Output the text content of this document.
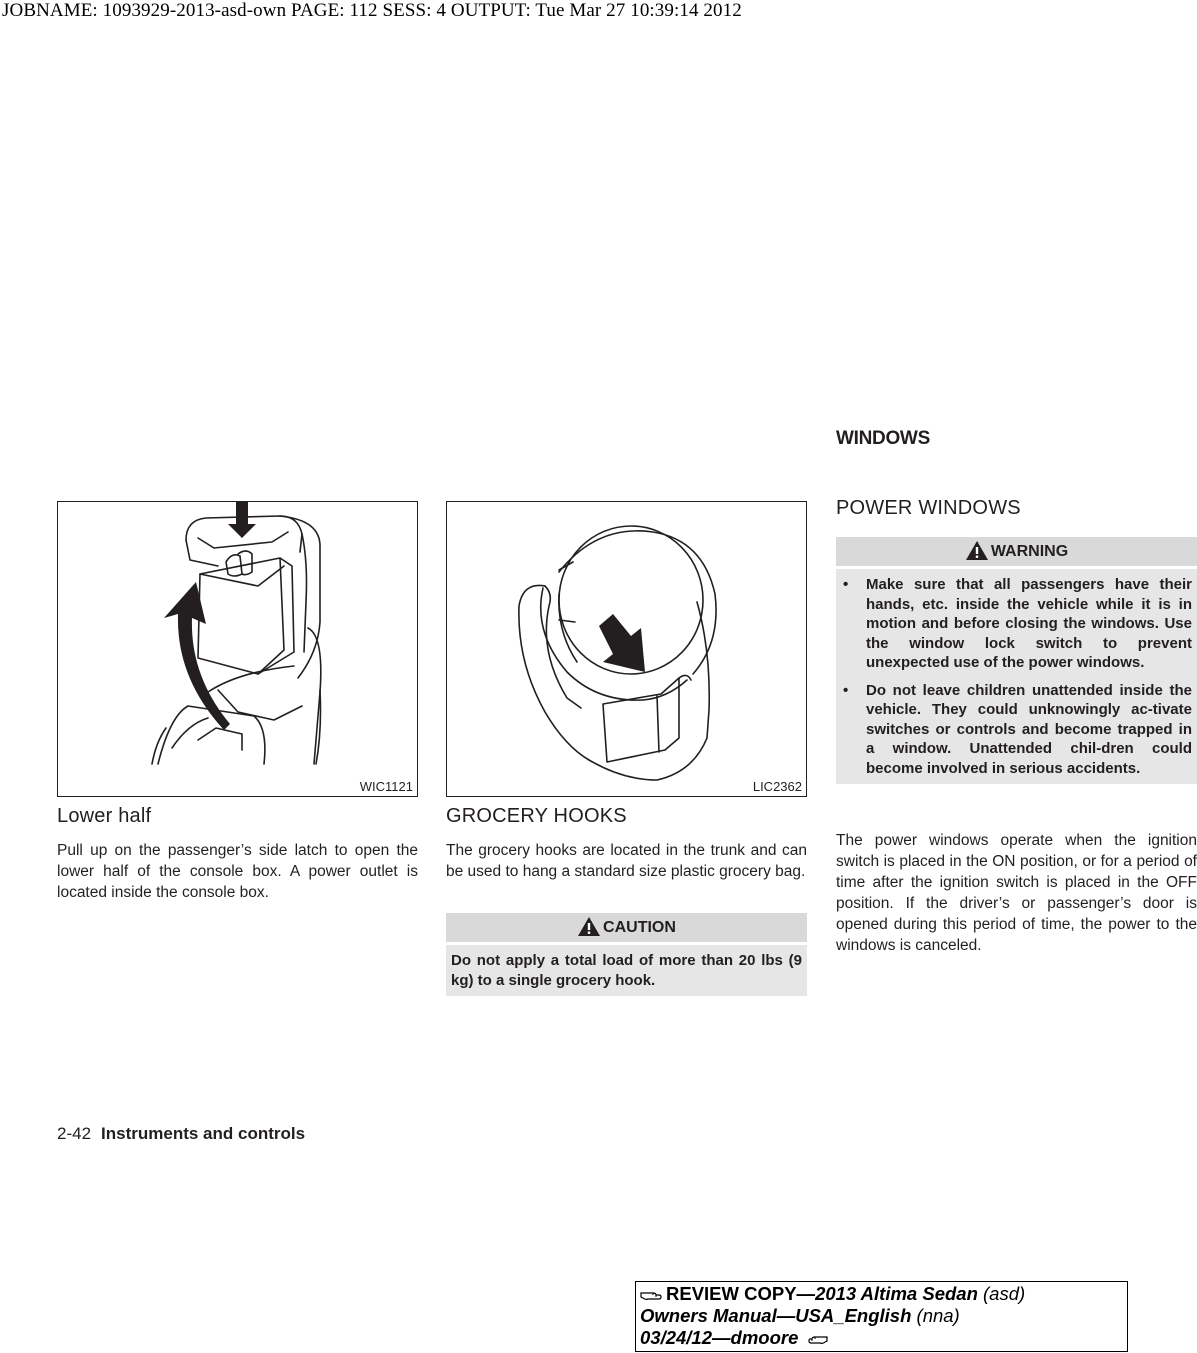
JOBNAME: 1093929-2013-asd-own PAGE: 112 SESS: 4 OUTPUT: Tue Mar 27 10:39:14 2012
WIC1121
Lower half
Pull up on the passenger’s side latch to open the lower half of the console box. A power outlet is located inside the console box.
LIC2362
GROCERY HOOKS
The grocery hooks are located in the trunk and can be used to hang a standard size plastic grocery bag.
CAUTION
Do not apply a total load of more than 20 lbs (9 kg) to a single grocery hook.
WINDOWS
POWER WINDOWS
WARNING
•	Make sure that all passengers have their hands, etc. inside the vehicle while it is in motion and before closing the windows. Use the window lock switch to prevent unexpected use of the power windows.
•	Do not leave children unattended inside the vehicle. They could unknowingly ac-tivate switches or controls and become trapped in a window. Unattended chil-dren could become involved in serious accidents.
The power windows operate when the ignition switch is placed in the ON position, or for a period of time after the ignition switch is placed in the OFF position. If the driver’s or passenger’s door is opened during this period of time, the power to the windows is canceled.
2-42 Instruments and controls
REVIEW COPY—2013 Altima Sedan (asd)
Owners Manual—USA_English (nna)
03/24/12—dmoore
